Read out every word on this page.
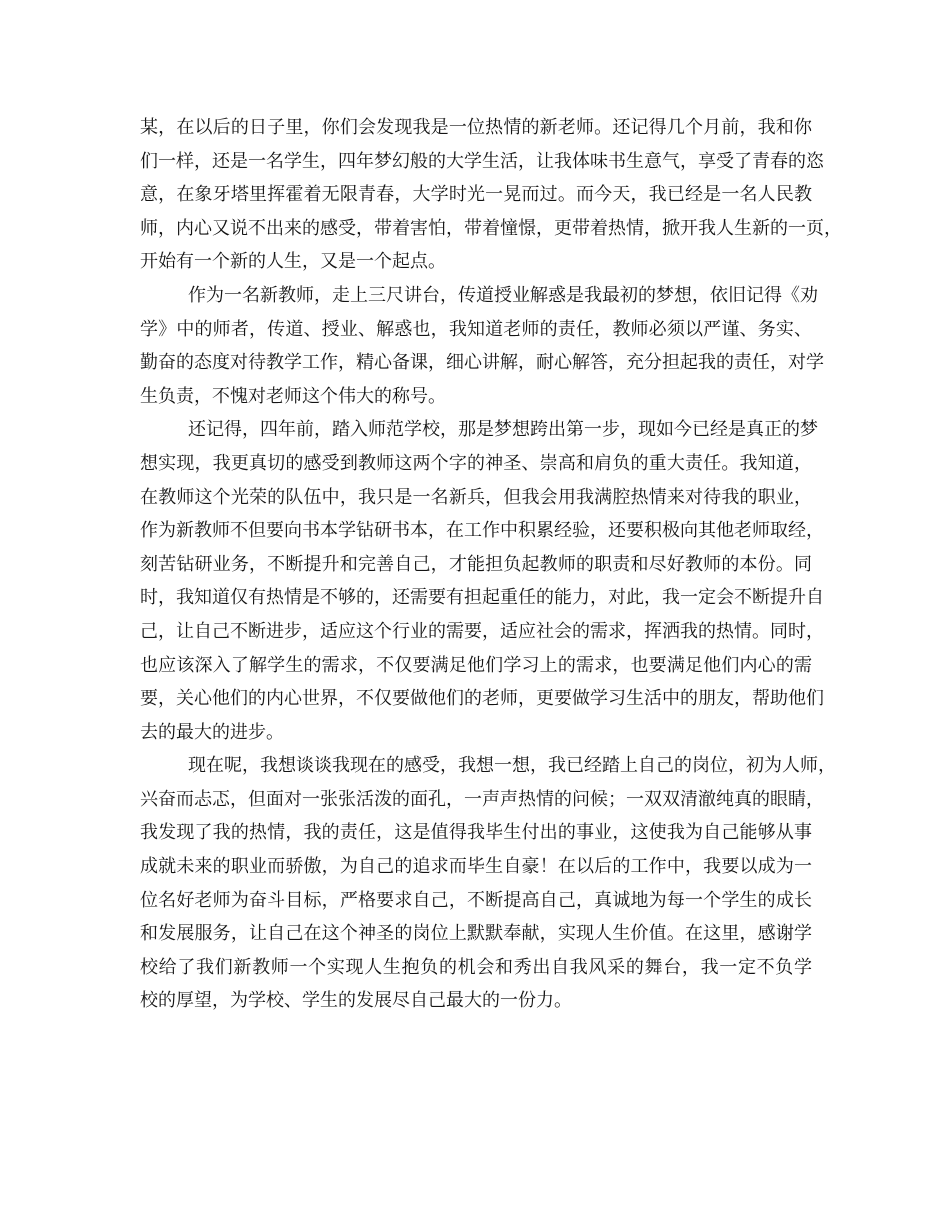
某，在以后的日子里，你们会发现我是一位热情的新老师。还记得几个月前，我和你
们一样，还是一名学生，四年梦幻般的大学生活，让我体味书生意气，享受了青春的恣
意，在象牙塔里挥霍着无限青春，大学时光一晃而过。而今天，我已经是一名人民教
师，内心又说不出来的感受，带着害怕，带着憧憬，更带着热情，掀开我人生新的一页，
开始有一个新的人生，又是一个起点。
作为一名新教师，走上三尺讲台，传道授业解惑是我最初的梦想，依旧记得《劝
学》中的师者，传道、授业、解惑也，我知道老师的责任，教师必须以严谨、务实、
勤奋的态度对待教学工作，精心备课，细心讲解，耐心解答，充分担起我的责任，对学
生负责，不愧对老师这个伟大的称号。
还记得，四年前，踏入师范学校，那是梦想跨出第一步，现如今已经是真正的梦
想实现，我更真切的感受到教师这两个字的神圣、崇高和肩负的重大责任。我知道，
在教师这个光荣的队伍中，我只是一名新兵，但我会用我满腔热情来对待我的职业，
作为新教师不但要向书本学钻研书本，在工作中积累经验，还要积极向其他老师取经，
刻苦钻研业务，不断提升和完善自己，才能担负起教师的职责和尽好教师的本份。同
时，我知道仅有热情是不够的，还需要有担起重任的能力，对此，我一定会不断提升自
己，让自己不断进步，适应这个行业的需要，适应社会的需求，挥洒我的热情。同时，
也应该深入了解学生的需求，不仅要满足他们学习上的需求，也要满足他们内心的需
要，关心他们的内心世界，不仅要做他们的老师，更要做学习生活中的朋友，帮助他们
去的最大的进步。
现在呢，我想谈谈我现在的感受，我想一想，我已经踏上自己的岗位，初为人师，
兴奋而忐忑，但面对一张张活泼的面孔，一声声热情的问候；一双双清澈纯真的眼睛，
我发现了我的热情，我的责任，这是值得我毕生付出的事业，这使我为自己能够从事
成就未来的职业而骄傲，为自己的追求而毕生自豪！在以后的工作中，我要以成为一
位名好老师为奋斗目标，严格要求自己，不断提高自己，真诚地为每一个学生的成长
和发展服务，让自己在这个神圣的岗位上默默奉献，实现人生价值。在这里，感谢学
校给了我们新教师一个实现人生抱负的机会和秀出自我风采的舞台，我一定不负学
校的厚望，为学校、学生的发展尽自己最大的一份力。
